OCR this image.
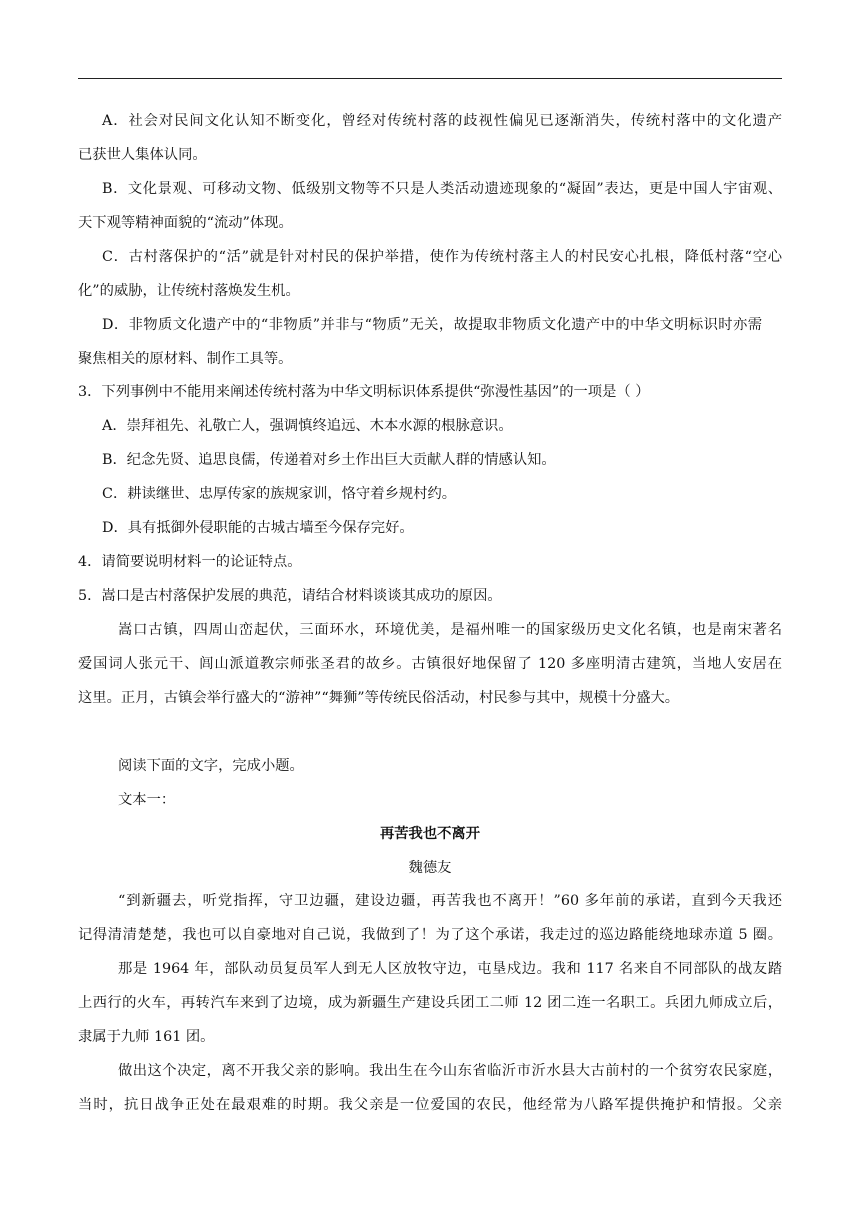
A．社会对民间文化认知不断变化，曾经对传统村落的歧视性偏见已逐渐消失，传统村落中的文化遗产
已获世人集体认同。
B．文化景观、可移动文物、低级别文物等不只是人类活动遗迹现象的“凝固”表达，更是中国人宇宙观、
天下观等精神面貌的“流动”体现。
C．古村落保护的“活”就是针对村民的保护举措，使作为传统村落主人的村民安心扎根，降低村落“空心
化”的威胁，让传统村落焕发生机。
D．非物质文化遗产中的“非物质”并非与“物质”无关，故提取非物质文化遗产中的中华文明标识时亦需
聚焦相关的原材料、制作工具等。
3．下列事例中不能用来阐述传统村落为中华文明标识体系提供“弥漫性基因”的一项是（ ）
A．崇拜祖先、礼敬亡人，强调慎终追远、木本水源的根脉意识。
B．纪念先贤、追思良儒，传递着对乡土作出巨大贡献人群的情感认知。
C．耕读继世、忠厚传家的族规家训，恪守着乡规村约。
D．具有抵御外侵职能的古城古墙至今保存完好。
4．请简要说明材料一的论证特点。
5．嵩口是古村落保护发展的典范，请结合材料谈谈其成功的原因。
嵩口古镇，四周山峦起伏，三面环水，环境优美，是福州唯一的国家级历史文化名镇，也是南宋著名
爱国词人张元干、闾山派道教宗师张圣君的故乡。古镇很好地保留了 120 多座明清古建筑，当地人安居在
这里。正月，古镇会举行盛大的“游神”“舞狮”等传统民俗活动，村民参与其中，规模十分盛大。
阅读下面的文字，完成小题。
文本一：
再苦我也不离开
魏德友
“到新疆去，听党指挥，守卫边疆，建设边疆，再苦我也不离开！”60 多年前的承诺，直到今天我还
记得清清楚楚，我也可以自豪地对自己说，我做到了！为了这个承诺，我走过的巡边路能绕地球赤道 5 圈。
那是 1964 年，部队动员复员军人到无人区放牧守边，屯垦戍边。我和 117 名来自不同部队的战友踏
上西行的火车，再转汽车来到了边境，成为新疆生产建设兵团工二师 12 团二连一名职工。兵团九师成立后，
隶属于九师 161 团。
做出这个决定，离不开我父亲的影响。我出生在今山东省临沂市沂水县大古前村的一个贫穷农民家庭，
当时，抗日战争正处在最艰难的时期。我父亲是一位爱国的农民，他经常为八路军提供掩护和情报。父亲
